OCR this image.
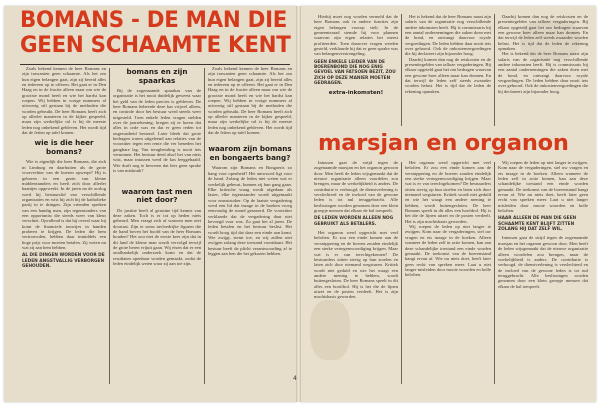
BOMANS - DE MAN DIE
GEEN SCHAAMTE KENT

Zoals bekend kennen de heer Bomans en zijn trawanten geen schaamte. Als het om hun eigen belangen gaat, zijn zij bereid alles en iedereen op te offeren. Het gaat er in Den Haag en in de fractie alleen maar om wie de grootste mond heeft en wie het hardst kan roepen. Wij hebben in vorige nummers al uitvoerig stil gestaan bij de methoden die worden gebruikt. De heer Bomans heeft zich op allerlei manieren in de kijker gespeeld, maar zijn werkelijke rol is bij de meeste leden nog onbekend gebleven. Het wordt tijd dat de feiten op tafel komen.

wie is die heer bomans?

Wie is eigenlijk die heer Bomans, die zich in Limburg en daarbuiten als de grote voorvechter van de boeren opwerpt? Hij is geboren in een gezin van kleine middenstanders en heeft zich door allerlei baantjes opgewerkt. In de jaren na de oorlog werd hij bestuurslid van verschillende organisaties en wist hij zich bij de katholieke partij in te dringen. Zijn vrienden spreken van een handig man, zijn tegenstanders van een opportunist die steeds weer van kleur verschiet. Opvallend is dat hij overal waar hij komt de financiele touwtjes in handen probeert te krijgen. De leden die hem vertrouwden, hebben daar inmiddels een hoge prijs voor moeten betalen. Zij weten nu wat zij aan hem hebben.

AL DIE DINGEN WORDEN VOOR DE LEDEN ANGSTVALLIG VERBORGEN GEHOUDEN.

bomans en zijn spaarkas

Bij de zogenaamde spaarkas van de organisatie is het nooit duidelijk geweest waar het geld van de leden precies is gebleven. De heer Bomans beheerde deze kas vrijwel alleen, en controle door het bestuur werd steeds weer uitgesteld. Toen enkele leden vragen stelden over de jaarrekening, kregen zij te horen dat alles in orde was en dat er geen reden tot ongerustheid bestond. Later bleek dat grote bedragen waren uitgeleend aan relaties van de voorzitter tegen een rente die ver beneden het gangbare lag. Van terugbetaling is nooit iets vernomen. Het bestuur deed alsof het van niets wist, maar intussen werd de kas leeggehaald. Wie durft nog te beweren dat hier geen sprake is van misbruik?

waarom tast men niet door?

De justitie heeft al geruime tijd kennis van deze zaken. Toch is er tot op heden niets gebeurd. Men vraagt zich af waarom men niet doortast. Zijn er soms invloedrijke figuren die de hand boven het hoofd van de heer Bomans houden? Het zou niet de eerste keer zijn dat in dit land de kleine man wordt vervolgd terwijl de grote heren vrijuit gaan. Wij eisen dat er een onafhankelijk onderzoek komt en dat de resultaten openbaar worden gemaakt, zodat de leden eindelijk weten waar zij aan toe zijn.

Zoals bekend kennen de heer Bomans en zijn trawanten geen schaamte. Als het om hun eigen belangen gaat, zijn zij bereid alles en iedereen op te offeren. Het gaat er in Den Haag en in de fractie alleen maar om wie de grootste mond heeft en wie het hardst kan roepen. Wij hebben in vorige nummers al uitvoerig stil gestaan bij de methoden die worden gebruikt. De heer Bomans heeft zich op allerlei manieren in de kijker gespeeld, maar zijn werkelijke rol is bij de meeste leden nog onbekend gebleven. Het wordt tijd dat de feiten op tafel komen.

waarom zijn bomans en bongaerts bang?

Waarom zijn Bomans en Bongaerts zo bang voor openheid? Het antwoord ligt voor de hand. Zolang de leden niet weten wat er werkelijk gebeurt, kunnen zij hun gang gaan. Elke kritische vraag wordt afgedaan als laster, elke tegenstander wordt uitgemaakt voor onruststoker. Op de laatste vergadering werd een lid dat inzage in de boeken vroeg eenvoudig de mond gesnoerd. De voorzitter verklaarde dat de vergadering daar niet bevoegd voor was. Zo gaat het al jaren. De leden betalen en het bestuur beslist. Het wordt hoog tijd dat daar een einde aan komt. Wie zwijgt, stemt toe, en wij zullen niet zwijgen zolang deze toestand voortduurt. Het bestuur heeft de plicht verantwoording af te leggen aan hen die het gekozen hebben.

4

Hierbij moet nog worden vermeld dat de heer Bomans ook in andere functies zijn eigen belangen voorop stelt. In de gemeenteraad stemde hij voor plannen waarvan zijn eigen relaties het meest profiteerden. Toen daarover vragen werden gesteld, verklaarde hij dat er geen sprake was van belangenverstrengeling.

GEEN ENKELE LEIDER VAN DE BOERENBOND DIE NOG ENIG GEVOEL VAN FATSOEN BEZIT, ZOU ZICH OP DEZE MANIER MOETEN GEDRAGEN.

extra-inkomsten!

Het is bekend dat de heer Bomans naast zijn salaris van de organisatie nog verschillende andere inkomsten heeft. Hij is commissaris bij een aantal ondernemingen die zaken doen met de bond, en ontvangt daarvoor royale vergoedingen. De leden hebben daar nooit iets over gehoord. Ook de onkostenvergoedingen die hij declareert zijn bijzonder hoog.

Daarbij komen dan nog de reiskosten en de presentiegelden van talloze vergaderingen. Bij elkaar opgeteld gaat het om bedragen waarvan een gewone boer alleen maar kan dromen. En dat terwijl de leden zelf steeds zwaarder worden belast. Het is tijd dat de leden de rekening opmaken.

Daarbij komen dan nog de reiskosten en de presentiegelden van talloze vergaderingen. Bij elkaar opgeteld gaat het om bedragen waarvan een gewone boer alleen maar kan dromen. En dat terwijl de leden zelf steeds zwaarder worden belast. Het is tijd dat de leden de rekening opmaken.

Het is bekend dat de heer Bomans naast zijn salaris van de organisatie nog verschillende andere inkomsten heeft. Hij is commissaris bij een aantal ondernemingen die zaken doen met de bond, en ontvangt daarvoor royale vergoedingen. De leden hebben daar nooit iets over gehoord. Ook de onkostenvergoedingen die hij declareert zijn bijzonder hoog.

marsjan en organon

Intussen gaat de strijd tegen de zogenaamde marsjan en het organon gewoon door. Men heeft de leden wijsgemaakt dat de nieuwe organisatie alleen voordelen zou brengen, maar de werkelijkheid is anders. De contributie is verhoogd, de dienstverlening is verslechterd en de invloed van de gewone leden is tot nul teruggebracht. Alle beslissingen worden genomen door een klein groepje mensen dat elkaar de bal toespeelt.

DE LEDEN WORDEN ALLEEN NOG GEBRUIKT ALS BETALERS.

Het organon werd opgericht met veel beloften. Er zou een einde komen aan de versnippering en de boeren zouden eindelijk een sterke vertegenwoordiging krijgen. Maar wat is er van terechtgekomen? De bestuurders zitten stevig op hun stoelen en laten zich door niemand wegsturen. Kritiek wordt niet geduld en wie het waagt een andere mening te hebben, wordt buitengesloten. De heer Bomans speelt in dit alles een hoofdrol. Hij is het die de lijnen uitzet en de posten verdeelt. Het is zijn machtsbasis geworden.

Het organon werd opgericht met veel beloften. Er zou een einde komen aan de versnippering en de boeren zouden eindelijk een sterke vertegenwoordiging krijgen. Maar wat is er van terechtgekomen? De bestuurders zitten stevig op hun stoelen en laten zich door niemand wegsturen. Kritiek wordt niet geduld en wie het waagt een andere mening te hebben, wordt buitengesloten. De heer Bomans speelt in dit alles een hoofdrol. Hij is het die de lijnen uitzet en de posten verdeelt. Het is zijn machtsbasis geworden.

Wij roepen de leden op niet langer te zwijgen. Kom naar de vergaderingen, stel uw vragen en eis inzage in de boeken. Alleen wanneer de leden zelf in actie komen, kan aan deze schandelijke toestand een einde worden gemaakt. De toekomst van de boerenstand hangt ervan af. Wie nu niets doet, heeft later geen recht van spreken meer. Laat u niet langer misleiden door mooie woorden en holle beloften.

Wij roepen de leden op niet langer te zwijgen. Kom naar de vergaderingen, stel uw vragen en eis inzage in de boeken. Alleen wanneer de leden zelf in actie komen, kan aan deze schandelijke toestand een einde worden gemaakt. De toekomst van de boerenstand hangt ervan af. Wie nu niets doet, heeft later geen recht van spreken meer. Laat u niet langer misleiden door mooie woorden en holle beloften.

HAAR ALLEEN DE MAN DIE GEEN SCHAAMTE KENT BLIJFT ZITTEN ZOLANG HIJ DAT ZELF WIL.

Intussen gaat de strijd tegen de zogenaamde marsjan en het organon gewoon door. Men heeft de leden wijsgemaakt dat de nieuwe organisatie alleen voordelen zou brengen, maar de werkelijkheid is anders. De contributie is verhoogd, de dienstverlening is verslechterd en de invloed van de gewone leden is tot nul teruggebracht. Alle beslissingen worden genomen door een klein groepje mensen dat elkaar de bal toespeelt.
